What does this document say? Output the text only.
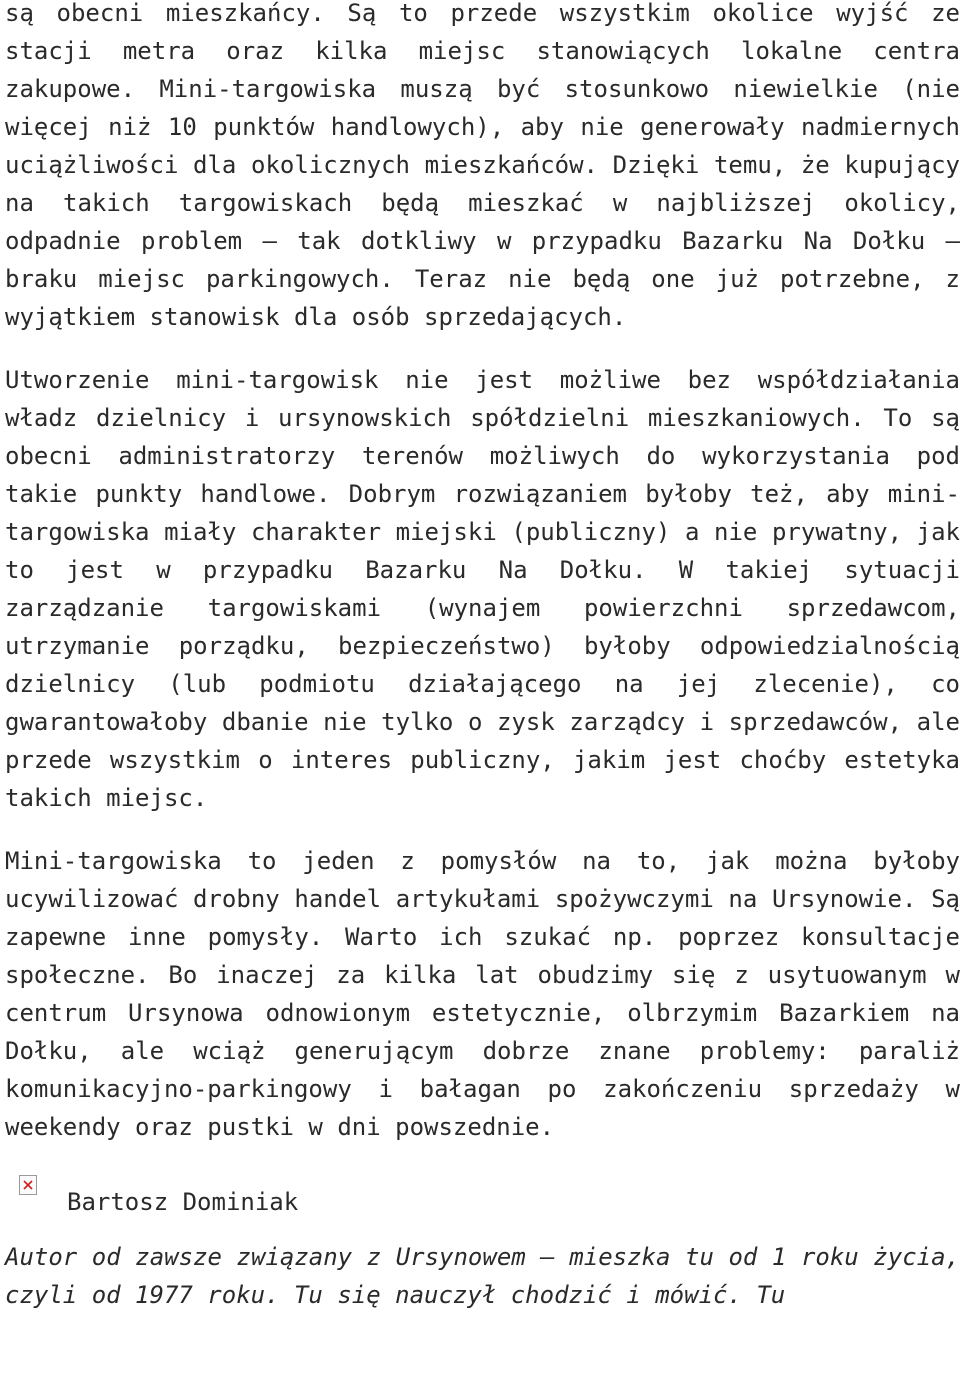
są obecni mieszkańcy. Są to przede wszystkim okolice wyjść ze stacji metra oraz kilka miejsc stanowiących lokalne centra zakupowe. Mini-targowiska muszą być stosunkowo niewielkie (nie więcej niż 10 punktów handlowych), aby nie generowały nadmiernych uciążliwości dla okolicznych mieszkańców. Dzięki temu, że kupujący na takich targowiskach będą mieszkać w najbliższej okolicy, odpadnie problem – tak dotkliwy w przypadku Bazarku Na Dołku – braku miejsc parkingowych. Teraz nie będą one już potrzebne, z wyjątkiem stanowisk dla osób sprzedających.

Utworzenie mini-targowisk nie jest możliwe bez współdziałania władz dzielnicy i ursynowskich spółdzielni mieszkaniowych. To są obecni administratorzy terenów możliwych do wykorzystania pod takie punkty handlowe. Dobrym rozwiązaniem byłoby też, aby mini-targowiska miały charakter miejski (publiczny) a nie prywatny, jak to jest w przypadku Bazarku Na Dołku. W takiej sytuacji zarządzanie targowiskami (wynajem powierzchni sprzedawcom, utrzymanie porządku, bezpieczeństwo) byłoby odpowiedzialnością dzielnicy (lub podmiotu działającego na jej zlecenie), co gwarantowałoby dbanie nie tylko o zysk zarządcy i sprzedawców, ale przede wszystkim o interes publiczny, jakim jest choćby estetyka takich miejsc.

Mini-targowiska to jeden z pomysłów na to, jak można byłoby ucywilizować drobny handel artykułami spożywczymi na Ursynowie. Są zapewne inne pomysły. Warto ich szukać np. poprzez konsultacje społeczne. Bo inaczej za kilka lat obudzimy się z usytuowanym w centrum Ursynowa odnowionym estetycznie, olbrzymim Bazarkiem na Dołku, ale wciąż generującym dobrze znane problemy: paraliż komunikacyjno-parkingowy i bałagan po zakończeniu sprzedaży w weekendy oraz pustki w dni powszednie.

Bartosz Dominiak

Autor od zawsze związany z Ursynowem – mieszka tu od 1 roku życia, czyli od 1977 roku. Tu się nauczył chodzić i mówić. Tu
